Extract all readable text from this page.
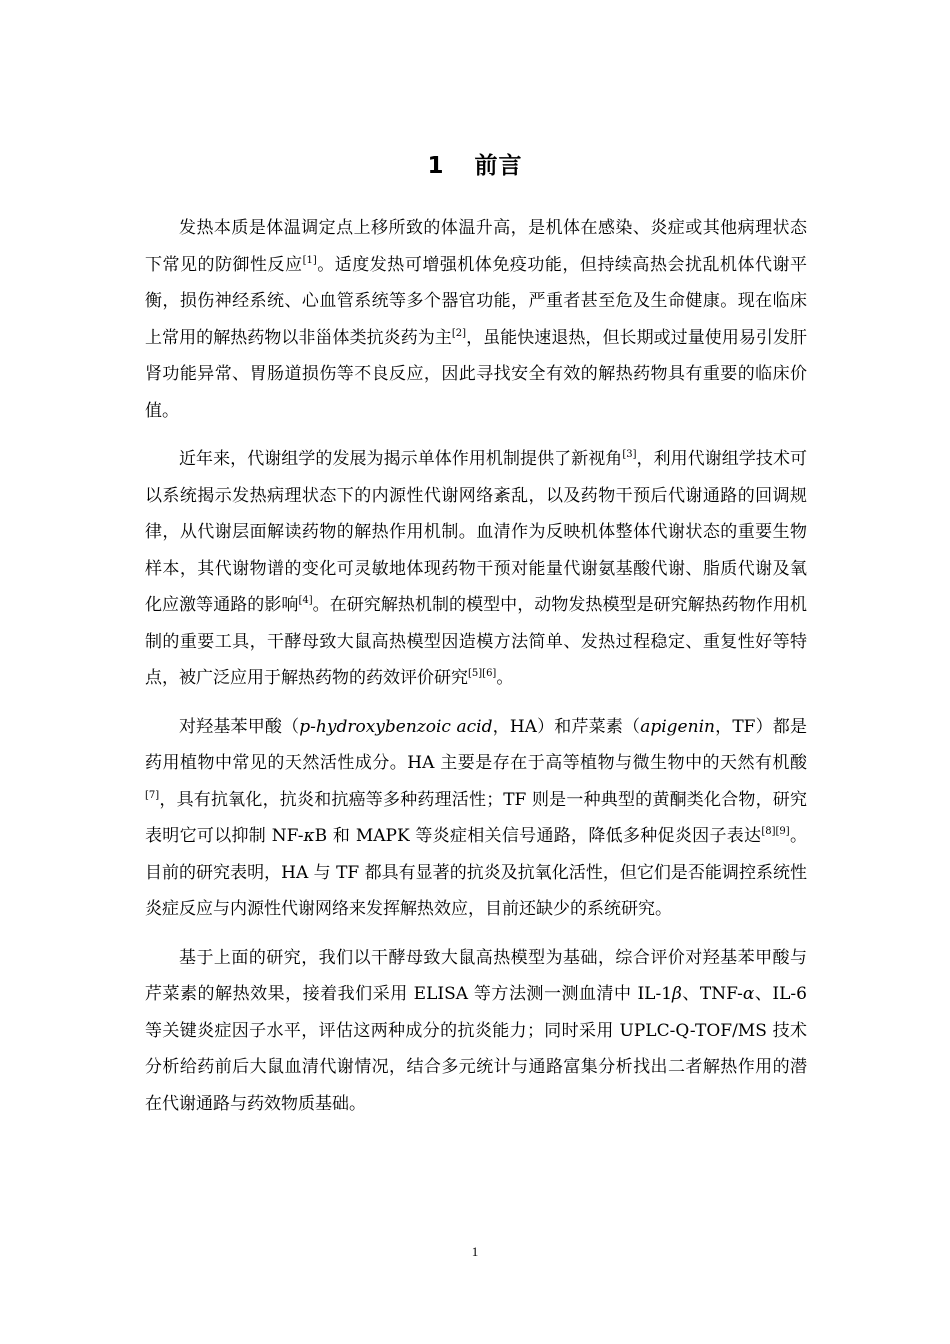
1 前言

发热本质是体温调定点上移所致的体温升高，是机体在感染、炎症或其他病理状态下常见的防御性反应[1]。适度发热可增强机体免疫功能，但持续高热会扰乱机体代谢平衡，损伤神经系统、心血管系统等多个器官功能，严重者甚至危及生命健康。现在临床上常用的解热药物以非甾体类抗炎药为主[2]，虽能快速退热，但长期或过量使用易引发肝肾功能异常、胃肠道损伤等不良反应，因此寻找安全有效的解热药物具有重要的临床价值。

近年来，代谢组学的发展为揭示单体作用机制提供了新视角[3]，利用代谢组学技术可以系统揭示发热病理状态下的内源性代谢网络紊乱，以及药物干预后代谢通路的回调规律，从代谢层面解读药物的解热作用机制。血清作为反映机体整体代谢状态的重要生物样本，其代谢物谱的变化可灵敏地体现药物干预对能量代谢氨基酸代谢、脂质代谢及氧化应激等通路的影响[4]。在研究解热机制的模型中，动物发热模型是研究解热药物作用机制的重要工具，干酵母致大鼠高热模型因造模方法简单、发热过程稳定、重复性好等特点，被广泛应用于解热药物的药效评价研究[5][6]。

对羟基苯甲酸（p-hydroxybenzoic acid，HA）和芹菜素（apigenin，TF）都是药用植物中常见的天然活性成分。HA 主要是存在于高等植物与微生物中的天然有机酸[7]，具有抗氧化，抗炎和抗癌等多种药理活性；TF 则是一种典型的黄酮类化合物，研究表明它可以抑制 NF-κB 和 MAPK 等炎症相关信号通路，降低多种促炎因子表达[8][9]。目前的研究表明，HA 与 TF 都具有显著的抗炎及抗氧化活性，但它们是否能调控系统性炎症反应与内源性代谢网络来发挥解热效应，目前还缺少的系统研究。

基于上面的研究，我们以干酵母致大鼠高热模型为基础，综合评价对羟基苯甲酸与芹菜素的解热效果，接着我们采用 ELISA 等方法测一测血清中 IL-1β、TNF-α、IL-6 等关键炎症因子水平，评估这两种成分的抗炎能力；同时采用 UPLC-Q-TOF/MS 技术分析给药前后大鼠血清代谢情况，结合多元统计与通路富集分析找出二者解热作用的潜在代谢通路与药效物质基础。

1
